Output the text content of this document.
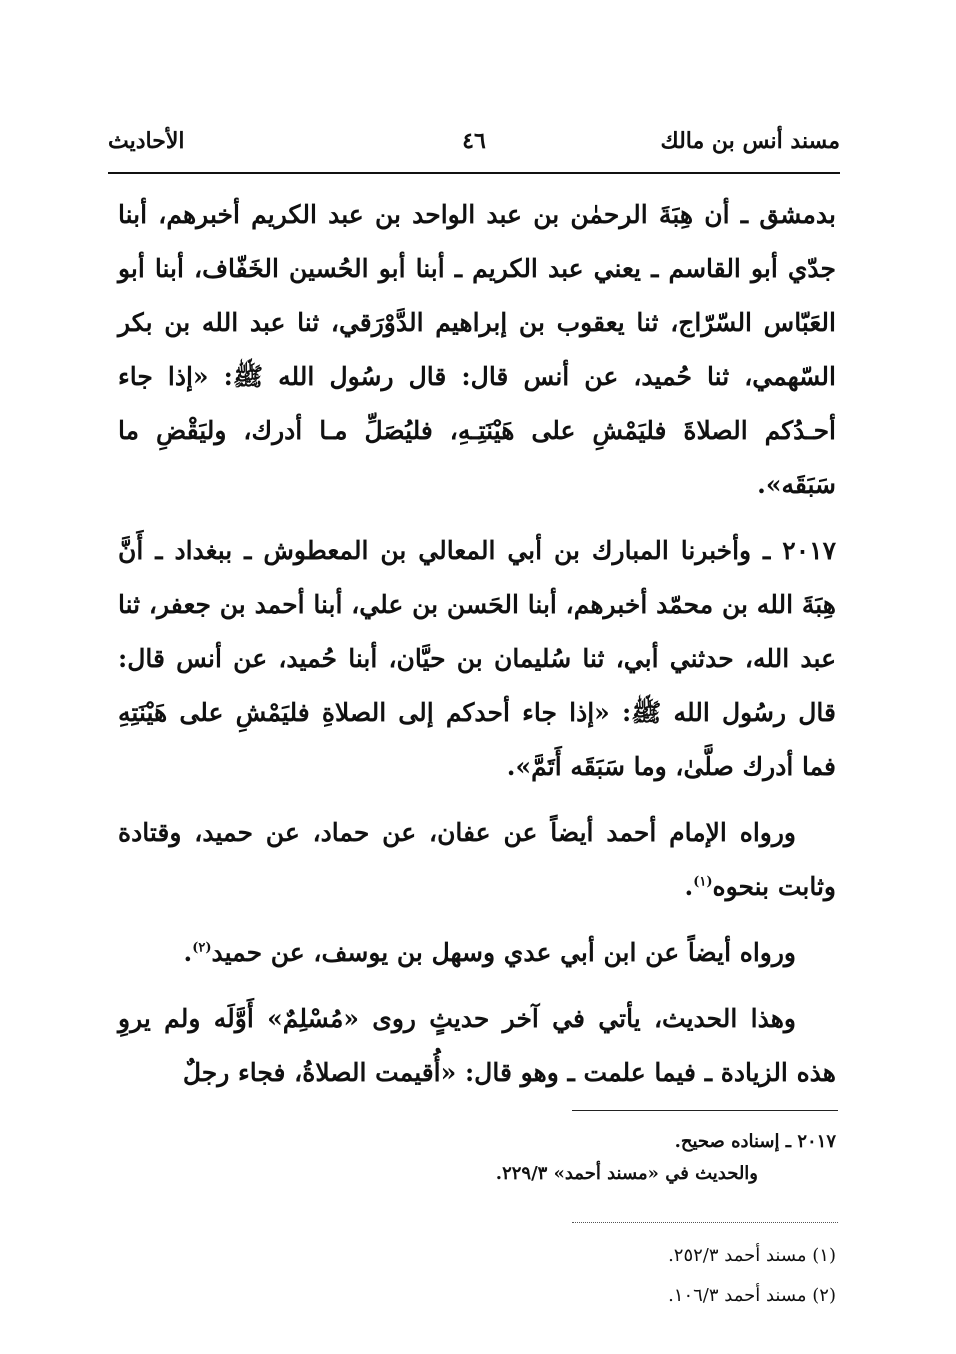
مسند أنس بن مالك
٤٦
الأحاديث

بدمشق ـ أن هِبَةَ الرحمٰن بن عبد الواحد بن عبد الكريم أخبرهم، أبنا جدّي أبو القاسم ـ يعني عبد الكريم ـ أبنا أبو الحُسين الخَفّاف، أبنا أبو العَبّاس السّرّاج، ثنا يعقوب بن إبراهيم الدَّوْرَقي، ثنا عبد الله بن بكر السّهمي، ثنا حُميد، عن أنس قال: قال رسُول الله ﷺ: «إذا جاء أحـدُكم الصلاةَ فليَمْشِ على هَيْنَتِـهِ، فليُصَلِّ مـا أدرك، وليَقْضِ ما سَبَقَه».

٢٠١٧ ـ وأخبرنا المبارك بن أبي المعالي بن المعطوش ـ ببغداد ـ أَنَّ هِبَةَ الله بن محمّد أخبرهم، أبنا الحَسن بن علي، أبنا أحمد بن جعفر، ثنا عبد الله، حدثني أبي، ثنا سُليمان بن حيَّان، أبنا حُميد، عن أنس قال: قال رسُول الله ﷺ: «إذا جاء أحدكم إلى الصلاةِ فليَمْشِ على هَيْنَتِهِ فما أدرك صلَّىٰ، وما سَبَقَه أَتَمَّ».

ورواه الإمام أحمد أيضاً عن عفان، عن حماد، عن حميد، وقتادة وثابت بنحوه$^{(١)}$.

ورواه أيضاً عن ابن أبي عدي وسهل بن يوسف، عن حميد$^{(٢)}$.

وهذا الحديث، يأتي في آخر حديثٍ روى «مُسْلِمٌ» أَوَّلَه ولم يروِ هذه الزيادة ـ فيما علمت ـ وهو قال: «أُقيمت الصلاةُ، فجاء رجلٌ

٢٠١٧ ـ إسناده صحيح.
والحديث في «مسند أحمد» ٢٢٩/٣.
(١) مسند أحمد ٢٥٢/٣.
(٢) مسند أحمد ١٠٦/٣.
